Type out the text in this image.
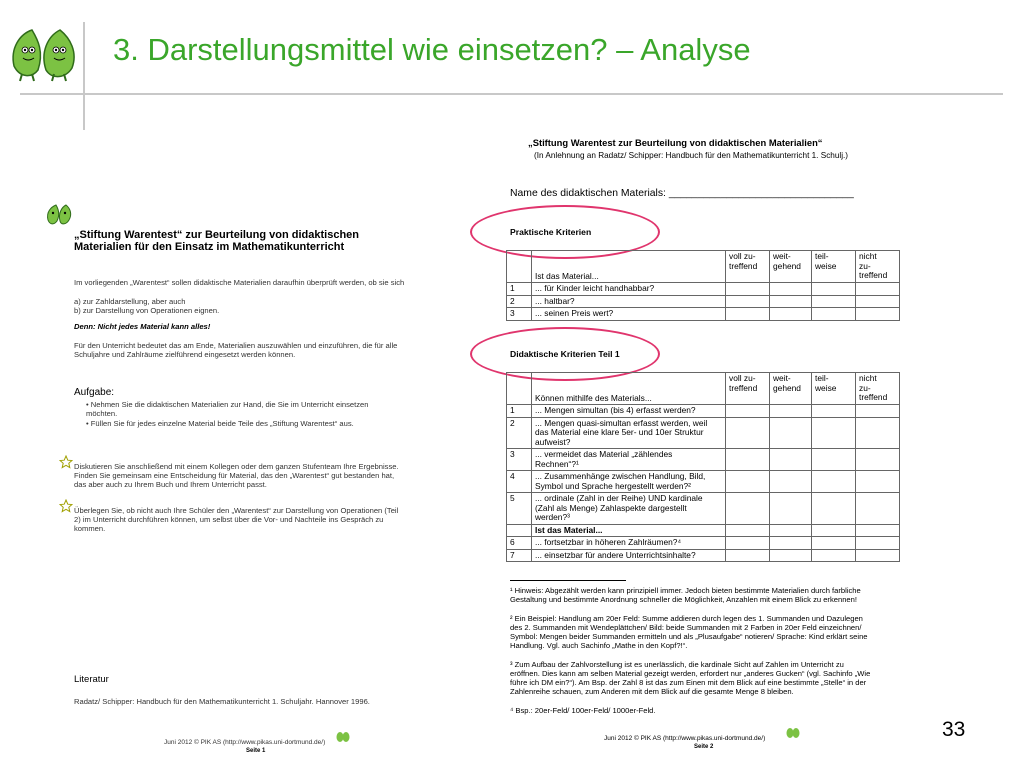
3. Darstellungsmittel wie einsetzen? – Analyse
33
„Stiftung Warentest“ zur Beurteilung von didaktischen
Materialien für den Einsatz im Mathematikunterricht
Im vorliegenden „Warentest“ sollen didaktische Materialien daraufhin überprüft werden, ob sie sich
a) zur Zahldarstellung, aber auch
b) zur Darstellung von Operationen eignen.
Denn: Nicht jedes Material kann alles!
Für den Unterricht bedeutet das am Ende, Materialien auszuwählen und einzuführen, die für alle
Schuljahre und Zahlräume zielführend eingesetzt werden können.
Aufgabe:
• Nehmen Sie die didaktischen Materialien zur Hand, die Sie im Unterricht einsetzen
möchten.
• Füllen Sie für jedes einzelne Material beide Teile des „Stiftung Warentest“ aus.
Diskutieren Sie anschließend mit einem Kollegen oder dem ganzen Stufenteam Ihre Ergebnisse.
Finden Sie gemeinsam eine Entscheidung für Material, das den „Warentest“ gut bestanden hat,
das aber auch zu Ihrem Buch und Ihrem Unterricht passt.
Überlegen Sie, ob nicht auch Ihre Schüler den „Warentest“ zur Darstellung von Operationen (Teil
2) im Unterricht durchführen können, um selbst über die Vor- und Nachteile ins Gespräch zu
kommen.
Literatur
Radatz/ Schipper: Handbuch für den Mathematikunterricht 1. Schuljahr. Hannover 1996.
Juni 2012 © PIK AS (http://www.pikas.uni-dortmund.de/)
Seite 1
„Stiftung Warentest zur Beurteilung von didaktischen Materialien“
(In Anlehnung an Radatz/ Schipper: Handbuch für den Mathematikunterricht 1. Schulj.)
Name des didaktischen Materials: ________________________________
Praktische Kriterien
	Ist das Material...	voll zu-
treffend	weit-
gehend	teil-
weise	nicht
zu-
treffend
1	... für Kinder leicht handhabbar?				
2	... haltbar?				
3	... seinen Preis wert?				
Didaktische Kriterien Teil 1
	Können mithilfe des Materials...	voll zu-
treffend	weit-
gehend	teil-
weise	nicht
zu-
treffend
1	... Mengen simultan (bis 4) erfasst werden?				
2	... Mengen quasi-simultan erfasst werden, weil
das Material eine klare 5er- und 10er Struktur
aufweist?				
3	... vermeidet das Material „zählendes
Rechnen“?¹				
4	... Zusammenhänge zwischen Handlung, Bild,
Symbol und Sprache hergestellt werden?²				
5	... ordinale (Zahl in der Reihe) UND kardinale
(Zahl als Menge) Zahlaspekte dargestellt
werden?³				
	Ist das Material...				
6	... fortsetzbar in höheren Zahlräumen?⁴				
7	... einsetzbar für andere Unterrichtsinhalte?				
¹ Hinweis: Abgezählt werden kann prinzipiell immer. Jedoch bieten bestimmte Materialien durch farbliche
Gestaltung und bestimmte Anordnung schneller die Möglichkeit, Anzahlen mit einem Blick zu erkennen!
² Ein Beispiel: Handlung am 20er Feld: Summe addieren durch legen des 1. Summanden und Dazulegen
des 2. Summanden mit Wendeplättchen/ Bild: beide Summanden mit 2 Farben in 20er Feld einzeichnen/
Symbol: Mengen beider Summanden ermitteln und als „Plusaufgabe“ notieren/ Sprache: Kind erklärt seine
Handlung. Vgl. auch Sachinfo „Mathe in den Kopf?!“.
³ Zum Aufbau der Zahlvorstellung ist es unerlässlich, die kardinale Sicht auf Zahlen im Unterricht zu
eröffnen. Dies kann am selben Material gezeigt werden, erfordert nur „anderes Gucken“ (vgl. Sachinfo „Wie
führe ich DM ein?“). Am Bsp. der Zahl 8 ist das zum Einen mit dem Blick auf eine bestimmte „Stelle“ in der
Zahlenreihe schauen, zum Anderen mit dem Blick auf die gesamte Menge 8 bleiben.
⁴ Bsp.: 20er-Feld/ 100er-Feld/ 1000er-Feld.
Juni 2012 © PIK AS (http://www.pikas.uni-dortmund.de/)
Seite 2
